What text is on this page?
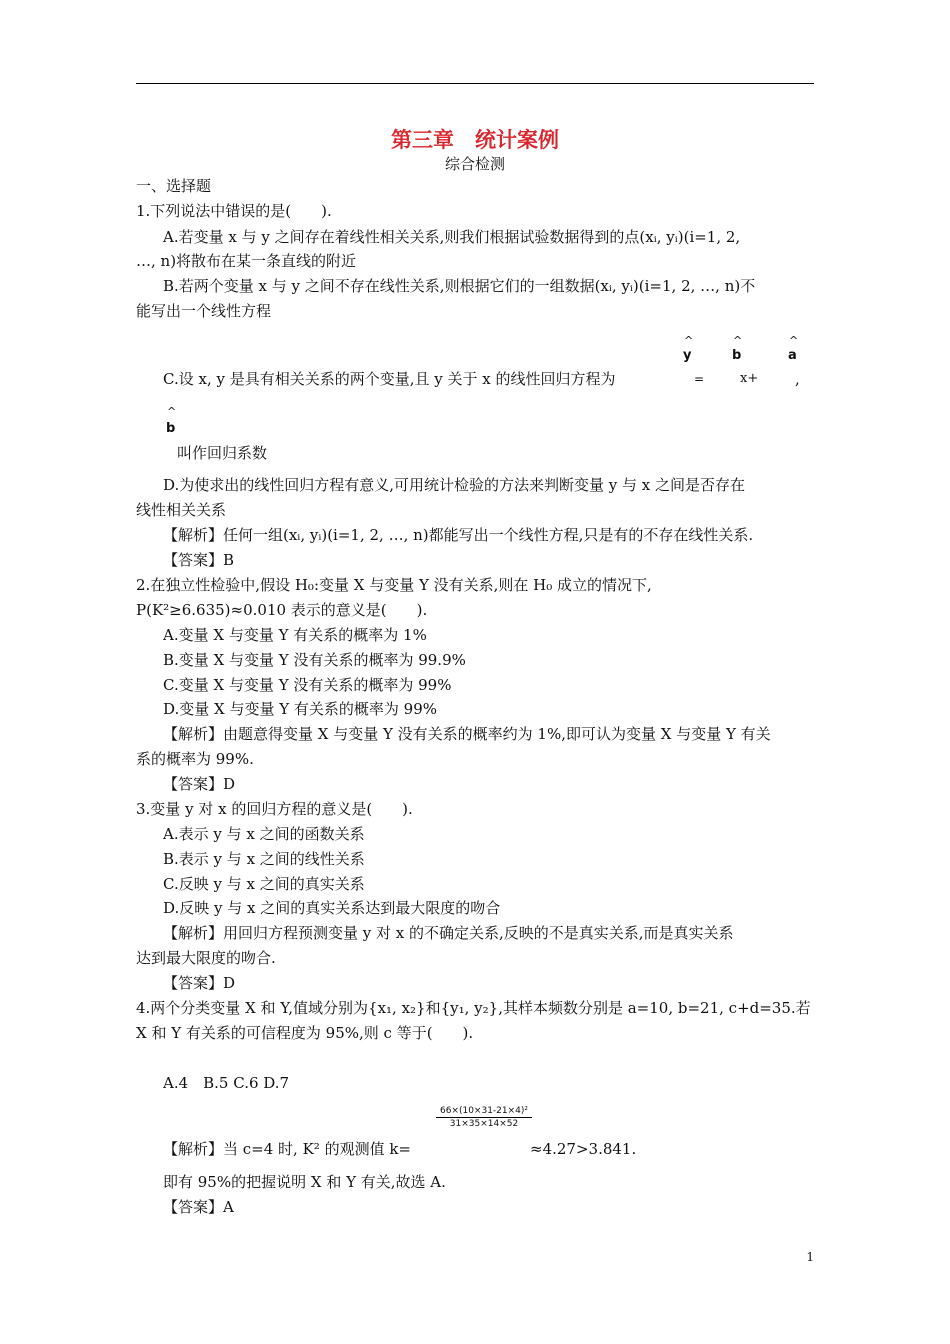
第三章　统计案例
综合检测
一、选择题
1.下列说法中错误的是(　　).
A.若变量 x 与 y 之间存在着线性相关关系,则我们根据试验数据得到的点(xᵢ, yᵢ)(i=1, 2,
…, n)将散布在某一条直线的附近
B.若两个变量 x 与 y 之间不存在线性关系,则根据它们的一组数据(xᵢ, yᵢ)(i=1, 2, …, n)不
能写出一个线性方程
^
y
^
b
^
a
C.设 x, y 是具有相关关系的两个变量,且 y 关于 x 的线性回归方程为	=	x+ ,
^
b
叫作回归系数
D.为使求出的线性回归方程有意义,可用统计检验的方法来判断变量 y 与 x 之间是否存在
线性相关关系
【解析】任何一组(xᵢ, yᵢ)(i=1, 2, …, n)都能写出一个线性方程,只是有的不存在线性关系.
【答案】B
2.在独立性检验中,假设 H₀:变量 X 与变量 Y 没有关系,则在 H₀ 成立的情况下,
P(K²≥6.635)≈0.010 表示的意义是(　　).
A.变量 X 与变量 Y 有关系的概率为 1%
B.变量 X 与变量 Y 没有关系的概率为 99.9%
C.变量 X 与变量 Y 没有关系的概率为 99%
D.变量 X 与变量 Y 有关系的概率为 99%
【解析】由题意得变量 X 与变量 Y 没有关系的概率约为 1%,即可认为变量 X 与变量 Y 有关
系的概率为 99%.
【答案】D
3.变量 y 对 x 的回归方程的意义是(　　).
A.表示 y 与 x 之间的函数关系
B.表示 y 与 x 之间的线性关系
C.反映 y 与 x 之间的真实关系
D.反映 y 与 x 之间的真实关系达到最大限度的吻合
【解析】用回归方程预测变量 y 对 x 的不确定关系,反映的不是真实关系,而是真实关系
达到最大限度的吻合.
【答案】D
4.两个分类变量 X 和 Y,值域分别为{x₁, x₂}和{y₁, y₂},其样本频数分别是 a=10, b=21, c+d=35.若
X 和 Y 有关系的可信程度为 95%,则 c 等于(　　).
A.4　B.5 C.6 D.7
$\frac{\text{66×(10×31-21×4)²}}{31\times 35\times 14\times 52}$
【解析】当 c=4 时, K² 的观测值 k=	≈4.27>3.841.
即有 95%的把握说明 X 和 Y 有关,故选 A.
【答案】A
1
